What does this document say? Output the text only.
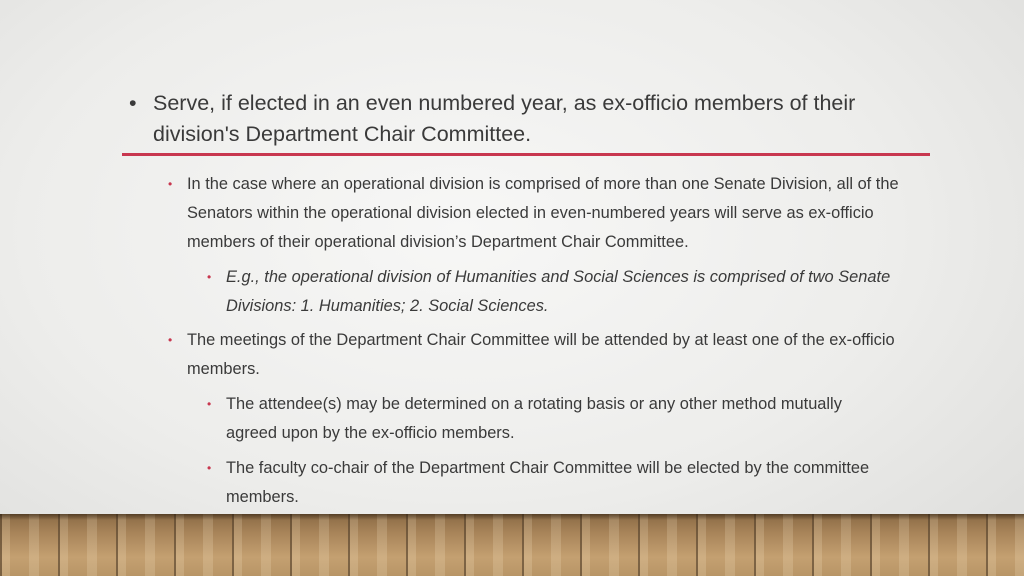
• Serve, if elected in an even numbered year, as ex-officio members of their division's Department Chair Committee.
• In the case where an operational division is comprised of more than one Senate Division, all of the Senators within the operational division elected in even-numbered years will serve as ex-officio members of their operational division’s Department Chair Committee.
• E.g., the operational division of Humanities and Social Sciences is comprised of two Senate Divisions: 1. Humanities; 2. Social Sciences.
• The meetings of the Department Chair Committee will be attended by at least one of the ex-officio members.
• The attendee(s) may be determined on a rotating basis or any other method mutually agreed upon by the ex-officio members.
• The faculty co-chair of the Department Chair Committee will be elected by the committee members.
